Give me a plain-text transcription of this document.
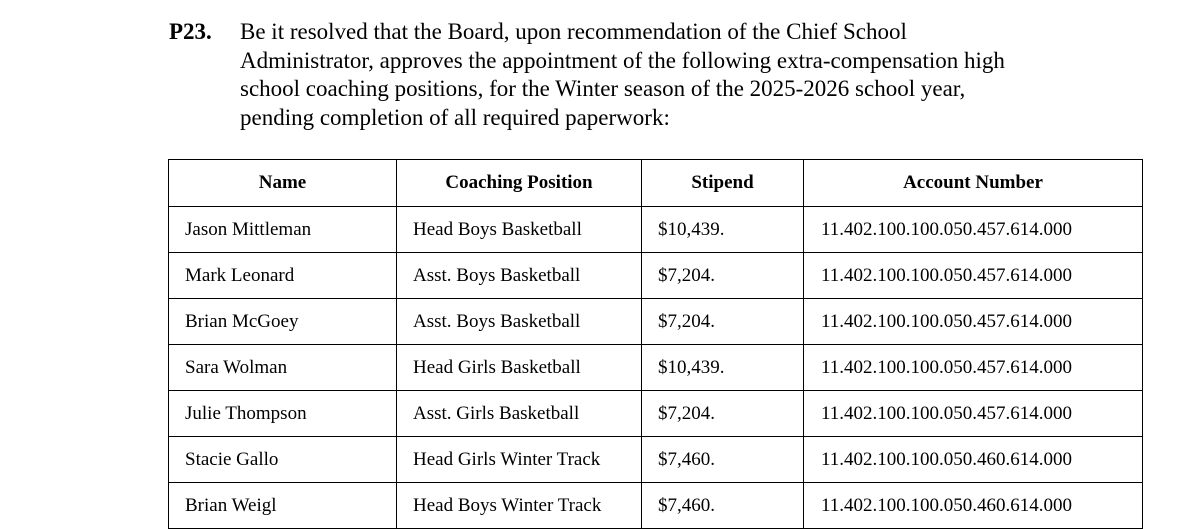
P23. Be it resolved that the Board, upon recommendation of the Chief School
Administrator, approves the appointment of the following extra-compensation high
school coaching positions, for the Winter season of the 2025-2026 school year,
pending completion of all required paperwork:
Name	Coaching Position	Stipend	Account Number
Jason Mittleman	Head Boys Basketball	$10,439.	11.402.100.100.050.457.614.000
Mark Leonard	Asst. Boys Basketball	$7,204.	11.402.100.100.050.457.614.000
Brian McGoey	Asst. Boys Basketball	$7,204.	11.402.100.100.050.457.614.000
Sara Wolman	Head Girls Basketball	$10,439.	11.402.100.100.050.457.614.000
Julie Thompson	Asst. Girls Basketball	$7,204.	11.402.100.100.050.457.614.000
Stacie Gallo	Head Girls Winter Track	$7,460.	11.402.100.100.050.460.614.000
Brian Weigl	Head Boys Winter Track	$7,460.	11.402.100.100.050.460.614.000
